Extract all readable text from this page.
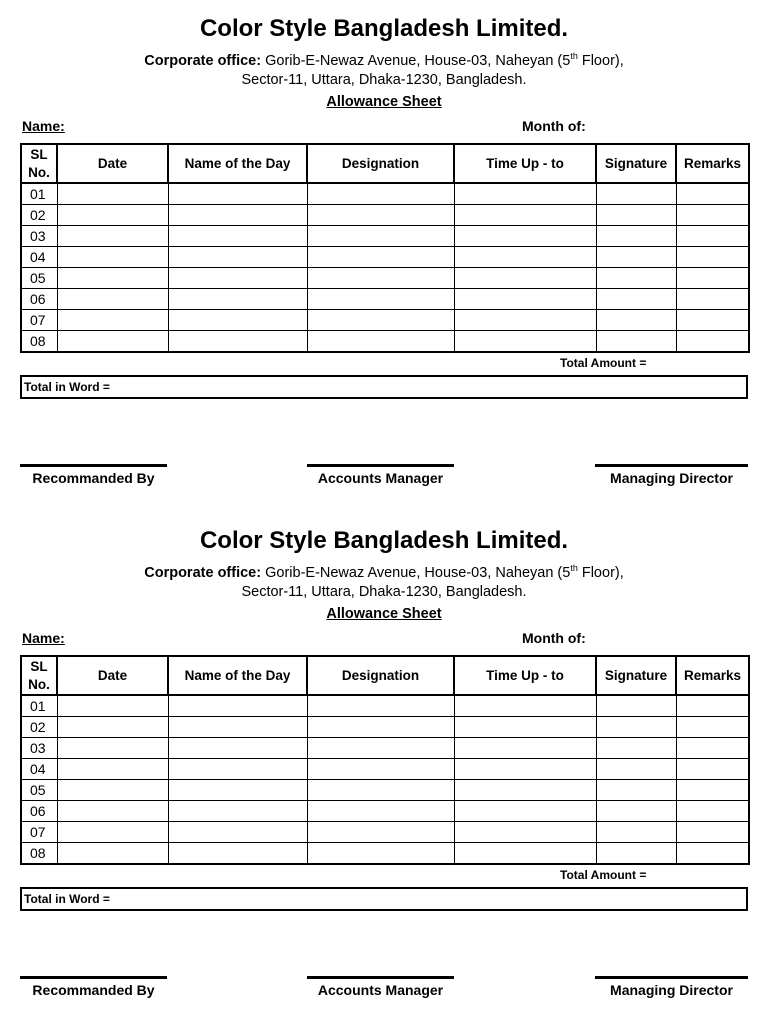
Color Style Bangladesh Limited.
Corporate office: Gorib-E-Newaz Avenue, House-03, Naheyan (5th Floor),
Sector-11, Uttara, Dhaka-1230, Bangladesh.
Allowance Sheet
Name:	Month of:
SL No.	Date	Name of the Day	Designation	Time Up - to	Signature	Remarks
01						
02						
03						
04						
05						
06						
07						
08						
Total Amount =
Total in Word =
Recommanded By	Accounts Manager	Managing Director
Color Style Bangladesh Limited.
Corporate office: Gorib-E-Newaz Avenue, House-03, Naheyan (5th Floor),
Sector-11, Uttara, Dhaka-1230, Bangladesh.
Allowance Sheet
Name:	Month of:
SL No.	Date	Name of the Day	Designation	Time Up - to	Signature	Remarks
01						
02						
03						
04						
05						
06						
07						
08						
Total Amount =
Total in Word =
Recommanded By	Accounts Manager	Managing Director
